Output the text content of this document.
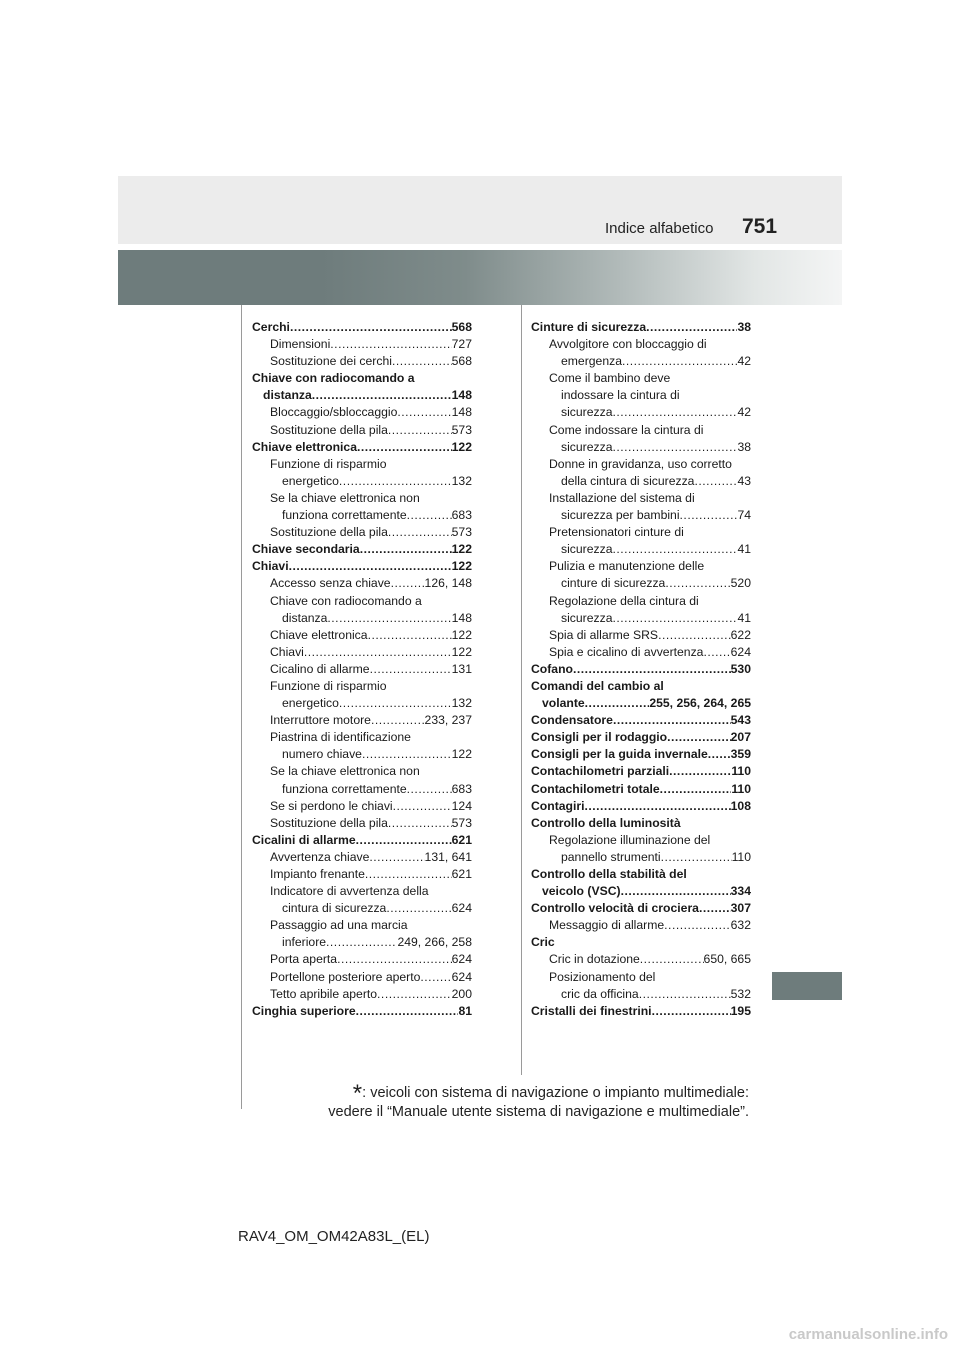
Indice alfabetico 751
Cerchi .....	568
Dimensioni .....	727
Sostituzione dei cerchi .....	568
Chiave con radiocomando a
distanza .....	148
Bloccaggio/sbloccaggio .....	148
Sostituzione della pila .....	573
Chiave elettronica .....	122
Funzione di risparmio
energetico .....	132
Se la chiave elettronica non
funziona correttamente .....	683
Sostituzione della pila .....	573
Chiave secondaria .....	122
Chiavi .....	122
Accesso senza chiave .....	126, 148
Chiave con radiocomando a
distanza .....	148
Chiave elettronica .....	122
Chiavi .....	122
Cicalino di allarme .....	131
Funzione di risparmio
energetico .....	132
Interruttore motore .....	233, 237
Piastrina di identificazione
numero chiave .....	122
Se la chiave elettronica non
funziona correttamente .....	683
Se si perdono le chiavi .....	124
Sostituzione della pila .....	573
Cicalini di allarme .....	621
Avvertenza chiave .....	131, 641
Impianto frenante .....	621
Indicatore di avvertenza della
cintura di sicurezza .....	624
Passaggio ad una marcia
inferiore .....	249, 266, 258
Porta aperta .....	624
Portellone posteriore aperto .....	624
Tetto apribile aperto .....	200
Cinghia superiore .....	81
Cinture di sicurezza .....	38
Avvolgitore con bloccaggio di
emergenza .....	42
Come il bambino deve
indossare la cintura di
sicurezza .....	42
Come indossare la cintura di
sicurezza .....	38
Donne in gravidanza, uso corretto
della cintura di sicurezza .....	43
Installazione del sistema di
sicurezza per bambini .....	74
Pretensionatori cinture di
sicurezza .....	41
Pulizia e manutenzione delle
cinture di sicurezza .....	520
Regolazione della cintura di
sicurezza .....	41
Spia di allarme SRS .....	622
Spia e cicalino di avvertenza ..... 624
Cofano .....	530
Comandi del cambio al
volante .....	255, 256, 264, 265
Condensatore .....	543
Consigli per il rodaggio .....	207
Consigli per la guida invernale ..... 359
Contachilometri parziali .....	110
Contachilometri totale .....	110
Contagiri .....	108
Controllo della luminosità
Regolazione illuminazione del
pannello strumenti .....	110
Controllo della stabilità del
veicolo (VSC) .....	334
Controllo velocità di crociera .....	307
Messaggio di allarme .....	632
Cric
Cric in dotazione .....	650, 665
Posizionamento del
cric da officina .....	532
Cristalli dei finestrini .....	195
*: veicoli con sistema di navigazione o impianto multimediale:
vedere il “Manuale utente sistema di navigazione e multimediale”.
RAV4_OM_OM42A83L_(EL)
carmanualsonline.info
